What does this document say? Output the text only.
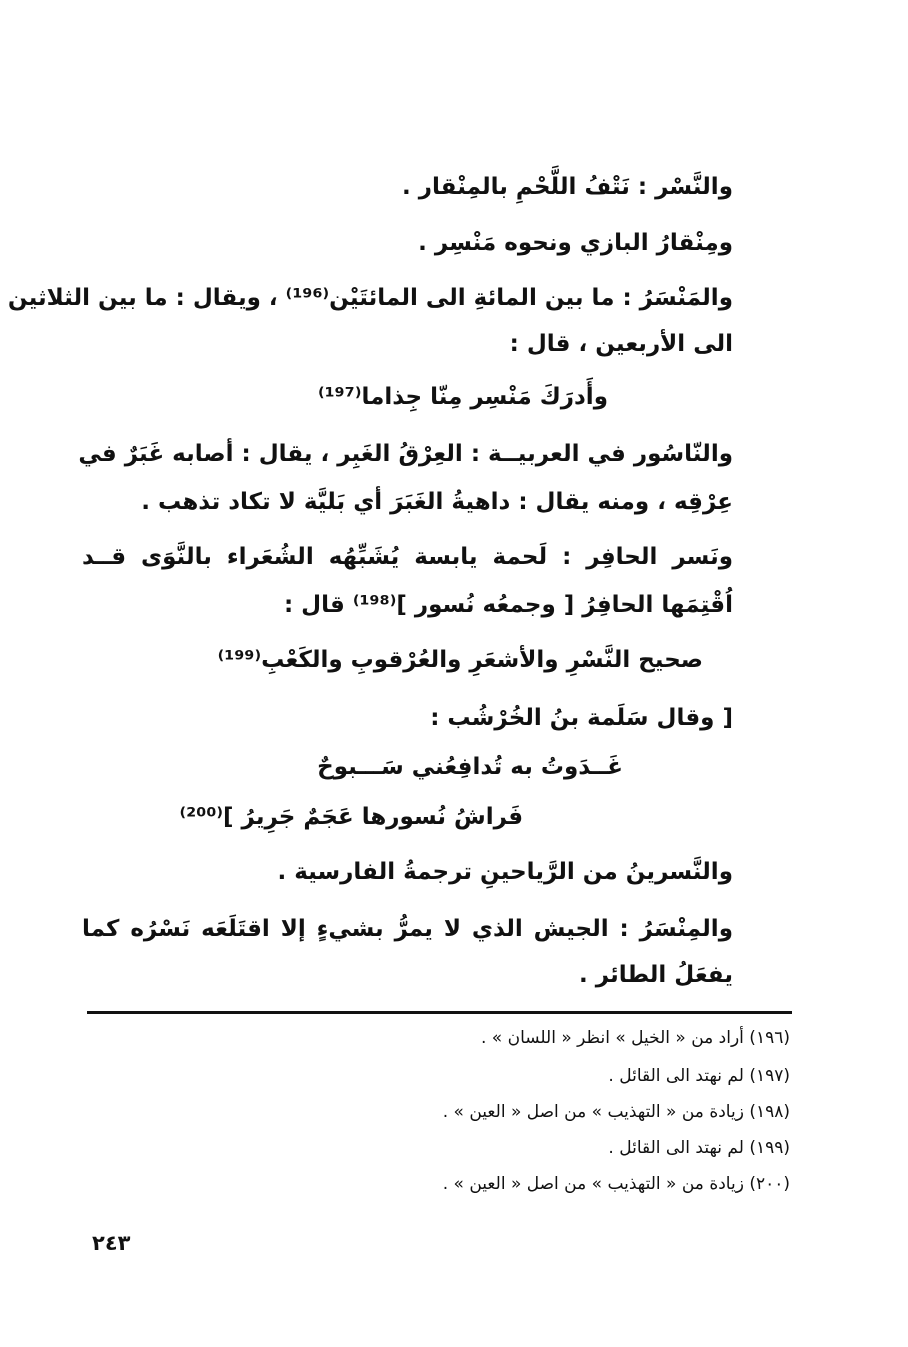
والنَّسْر : نَتْفُ اللَّحْمِ بالمِنْقار .
ومِنْقارُ البازي ونحوه مَنْسِر .
والمَنْسَرُ : ما بين المائةِ الى المائتَيْن⁽¹⁹⁶⁾ ، ويقال : ما بين الثلاثين
الى الأربعين ، قال :
وأَدرَكَ مَنْسِر مِنّا جِذاما⁽¹⁹⁷⁾
والنّاسُور في العربيــة : العِرْقُ الغَبِر ، يقال : أصابه غَبَرٌ في
عِرْقِه ، ومنه يقال : داهيةُ الغَبَرَ أي بَليَّة لا تكاد تذهب .
ونَسر الحافِر : لَحمة يابسة يُشَبِّهُه الشُعَراء بالنَّوَى قــد
اُقْتِمَها الحافِرُ [ وجمعُه نُسور ]⁽¹⁹⁸⁾ قال :
صحيح النَّسْرِ والأشعَرِ والعُرْقوبِ والكَعْبِ⁽¹⁹⁹⁾
[ وقال سَلَمة بنُ الخُرْشُب :
غَــدَوتُ به تُدافِعُني سَـــبوحٌ
فَراشُ نُسورها عَجَمٌ جَرِيرُ ]⁽²⁰⁰⁾
والنَّسرينُ من الرَّياحينِ ترجمةُ الفارسية .
والمِنْسَرُ : الجيش الذي لا يمرُّ بشيءٍ إلا اقتَلَعَه نَسْرُه كما
يفعَلُ الطائر .
(١٩٦) أراد من « الخيل » انظر « اللسان » .
(١٩٧) لم نهتد الى القائل .
(١٩٨) زيادة من « التهذيب » من اصل « العين » .
(١٩٩) لم نهتد الى القائل .
(٢٠٠) زيادة من « التهذيب » من اصل « العين » .
٢٤٣
